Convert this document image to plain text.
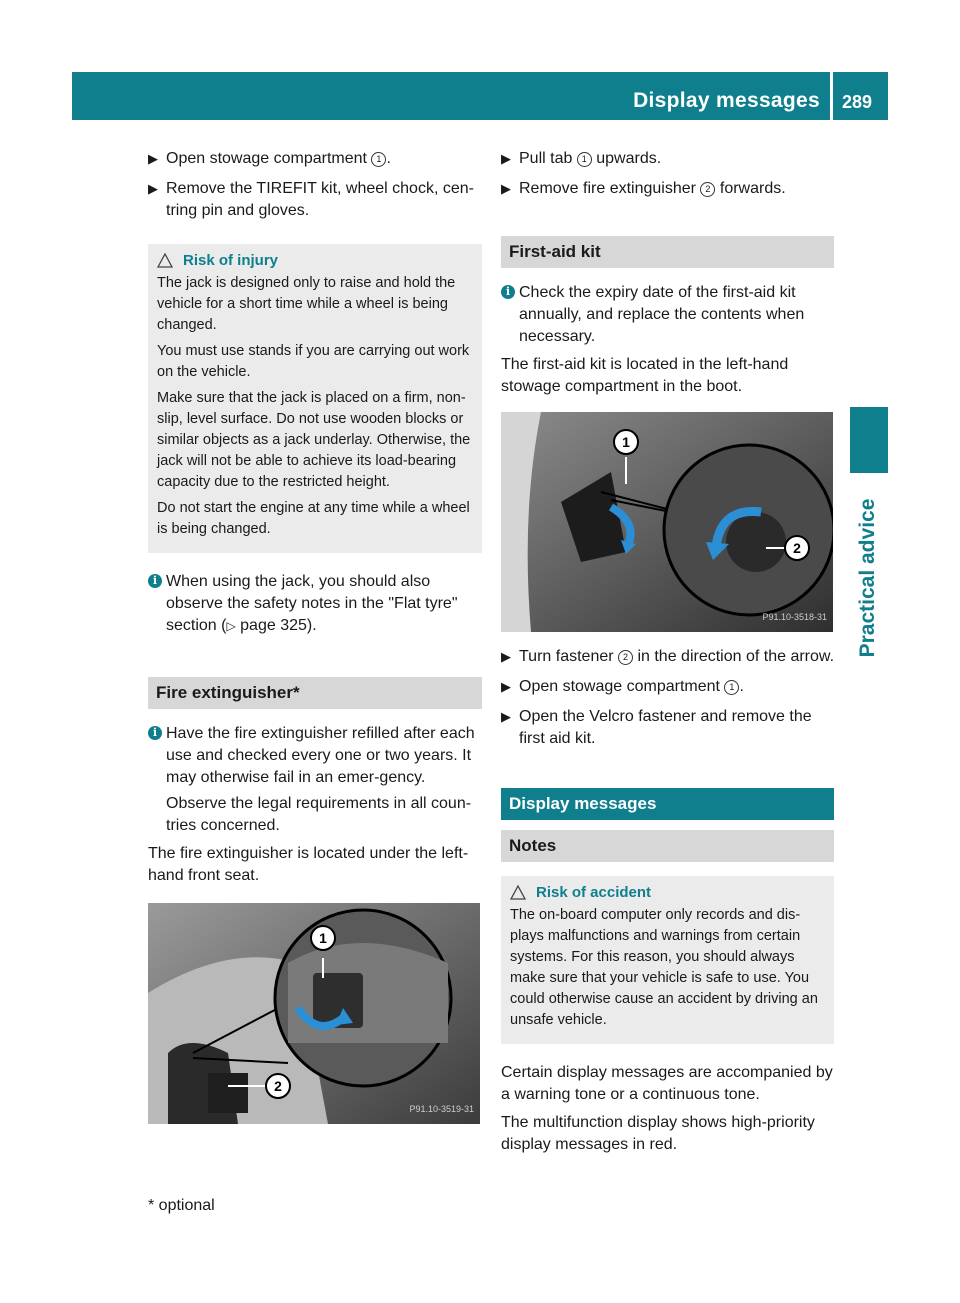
Display messages 289
Practical advice
▶ Open stowage compartment 1 .
▶ Remove the TIREFIT kit, wheel chock, cen-tring pin and gloves.
Risk of injury

The jack is designed only to raise and hold the vehicle for a short time while a wheel is being changed.

You must use stands if you are carrying out work on the vehicle.

Make sure that the jack is placed on a firm, non-slip, level surface. Do not use wooden blocks or similar objects as a jack underlay. Otherwise, the jack will not be able to achieve its load-bearing capacity due to the restricted height.

Do not start the engine at any time while a wheel is being changed.

i When using the jack, you should also observe the safety notes in the "Flat tyre" section (▷ page 325).

Fire extinguisher*
i Have the fire extinguisher refilled after each use and checked every one or two years. It may otherwise fail in an emer-gency.

Observe the legal requirements in all coun-tries concerned.

The fire extinguisher is located under the left-hand front seat.

1
2
P91.10-3519-31
▶ Pull tab 1 upwards.
▶ Remove fire extinguisher 2 forwards.
First-aid kit
i Check the expiry date of the first-aid kit annually, and replace the contents when necessary.

The first-aid kit is located in the left-hand stowage compartment in the boot.

1
2
P91.10-3518-31
▶ Turn fastener 2 in the direction of the arrow.
▶ Open stowage compartment 1 .
▶ Open the Velcro fastener and remove the first aid kit.
Display messages
Notes
Risk of accident

The on-board computer only records and dis-plays malfunctions and warnings from certain systems. For this reason, you should always make sure that your vehicle is safe to use. You could otherwise cause an accident by driving an unsafe vehicle.

Certain display messages are accompanied by a warning tone or a continuous tone.

The multifunction display shows high-priority display messages in red.

* optional
